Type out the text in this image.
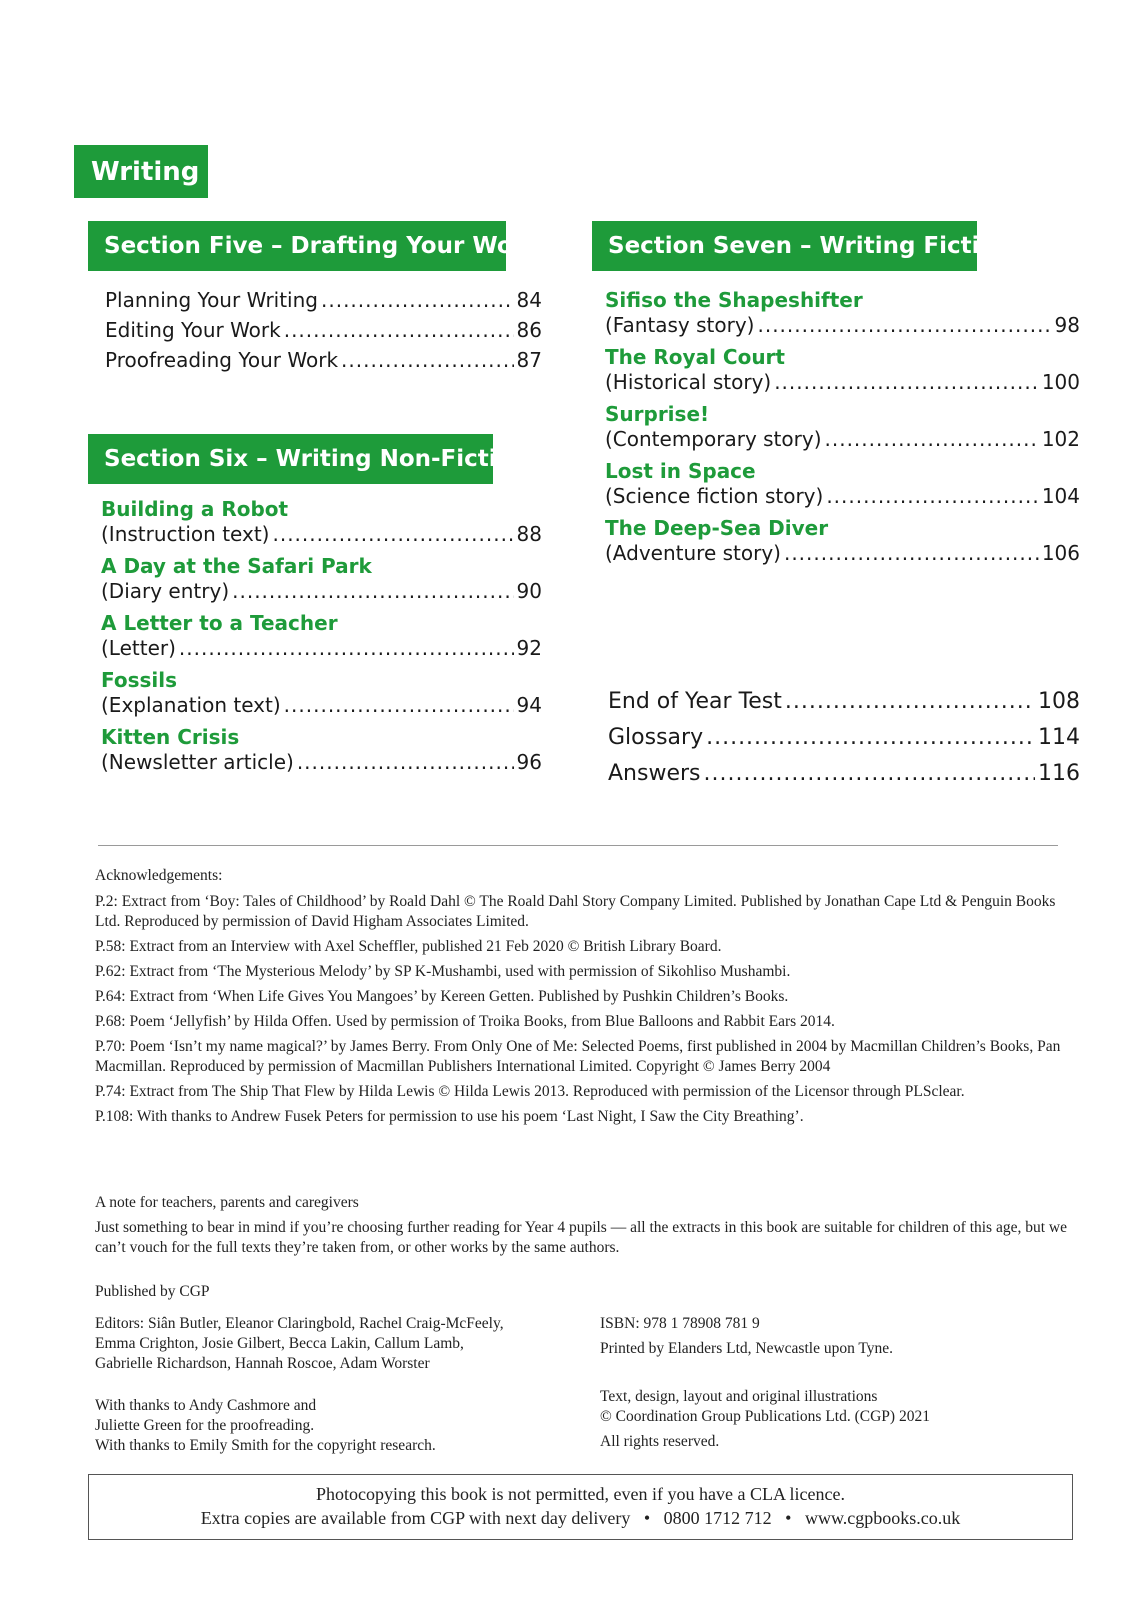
Writing
Section Five – Drafting Your Work
Planning Your Writing .....	84
Editing Your Work .....	86
Proofreading Your Work .....	87
Section Six – Writing Non-Fiction
Building a Robot
(Instruction text) .....	88
A Day at the Safari Park
(Diary entry) .....	90
A Letter to a Teacher
(Letter) .....	92
Fossils
(Explanation text) .....	94
Kitten Crisis
(Newsletter article) .....	96
Section Seven – Writing Fiction
Sifiso the Shapeshifter
(Fantasy story) .....	98
The Royal Court
(Historical story) .....	100
Surprise!
(Contemporary story) .....	102
Lost in Space
(Science fiction story) .....	104
The Deep-Sea Diver
(Adventure story) .....	106
End of Year Test .....	108
Glossary .....	114
Answers .....	116
Acknowledgements:
P.2: Extract from ‘Boy: Tales of Childhood’ by Roald Dahl © The Roald Dahl Story Company Limited. Published by Jonathan Cape Ltd & Penguin Books Ltd. Reproduced by permission of David Higham Associates Limited.
P.58: Extract from an Interview with Axel Scheffler, published 21 Feb 2020 © British Library Board.
P.62: Extract from ‘The Mysterious Melody’ by SP K-Mushambi, used with permission of Sikohliso Mushambi.
P.64: Extract from ‘When Life Gives You Mangoes’ by Kereen Getten. Published by Pushkin Children’s Books.
P.68: Poem ‘Jellyfish’ by Hilda Offen. Used by permission of Troika Books, from Blue Balloons and Rabbit Ears 2014.
P.70: Poem ‘Isn’t my name magical?’ by James Berry. From Only One of Me: Selected Poems, first published in 2004 by Macmillan Children’s Books, Pan Macmillan. Reproduced by permission of Macmillan Publishers International Limited. Copyright © James Berry 2004
P.74: Extract from The Ship That Flew by Hilda Lewis © Hilda Lewis 2013. Reproduced with permission of the Licensor through PLSclear.
P.108: With thanks to Andrew Fusek Peters for permission to use his poem ‘Last Night, I Saw the City Breathing’.
A note for teachers, parents and caregivers
Just something to bear in mind if you’re choosing further reading for Year 4 pupils — all the extracts in this book are suitable for children of this age, but we can’t vouch for the full texts they’re taken from, or other works by the same authors.
Published by CGP
Editors: Siân Butler, Eleanor Claringbold, Rachel Craig-McFeely,
Emma Crighton, Josie Gilbert, Becca Lakin, Callum Lamb,
Gabrielle Richardson, Hannah Roscoe, Adam Worster
With thanks to Andy Cashmore and
Juliette Green for the proofreading.
With thanks to Emily Smith for the copyright research.
ISBN: 978 1 78908 781 9
Printed by Elanders Ltd, Newcastle upon Tyne.
Text, design, layout and original illustrations
© Coordination Group Publications Ltd. (CGP) 2021
All rights reserved.
Photocopying this book is not permitted, even if you have a CLA licence.
Extra copies are available from CGP with next day delivery   •   0800 1712 712   •   www.cgpbooks.co.uk
